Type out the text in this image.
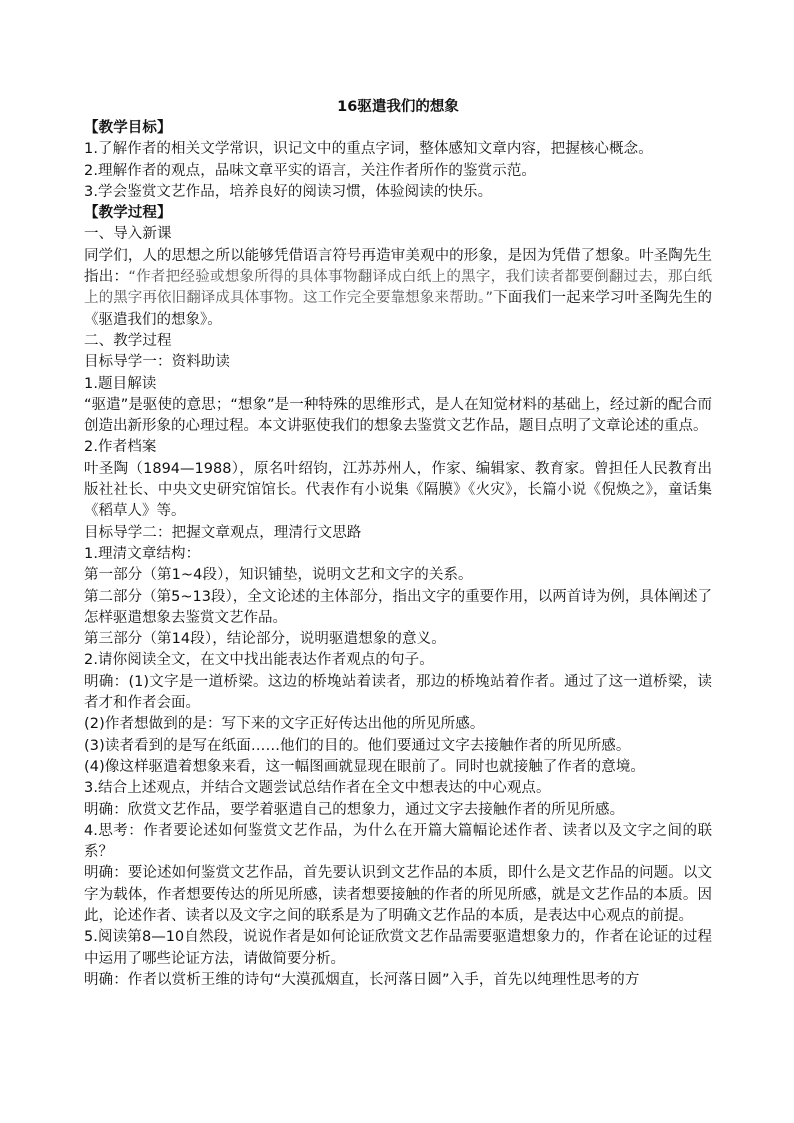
16驱遣我们的想象

【教学目标】

1.了解作者的相关文学常识，识记文中的重点字词，整体感知文章内容，把握核心概念。

2.理解作者的观点，品味文章平实的语言，关注作者所作的鉴赏示范。

3.学会鉴赏文艺作品，培养良好的阅读习惯，体验阅读的快乐。

【教学过程】

一、导入新课

同学们，人的思想之所以能够凭借语言符号再造审美观中的形象，是因为凭借了想象。叶圣陶先生指出：“作者把经验或想象所得的具体事物翻译成白纸上的黑字，我们读者都要倒翻过去，那白纸上的黑字再依旧翻译成具体事物。这工作完全要靠想象来帮助。”下面我们一起来学习叶圣陶先生的《驱遣我们的想象》。

二、教学过程

目标导学一：资料助读

1.题目解读

“驱遣”是驱使的意思；“想象”是一种特殊的思维形式，是人在知觉材料的基础上，经过新的配合而创造出新形象的心理过程。本文讲驱使我们的想象去鉴赏文艺作品，题目点明了文章论述的重点。

2.作者档案

叶圣陶（1894—1988），原名叶绍钧，江苏苏州人，作家、编辑家、教育家。曾担任人民教育出版社社长、中央文史研究馆馆长。代表作有小说集《隔膜》《火灾》，长篇小说《倪焕之》，童话集《稻草人》等。

目标导学二：把握文章观点，理清行文思路

1.理清文章结构：

第一部分（第1~4段），知识铺垫，说明文艺和文字的关系。

第二部分（第5~13段），全文论述的主体部分，指出文字的重要作用，以两首诗为例，具体阐述了怎样驱遣想象去鉴赏文艺作品。

第三部分（第14段），结论部分，说明驱遣想象的意义。

2.请你阅读全文，在文中找出能表达作者观点的句子。

明确：(1)文字是一道桥梁。这边的桥堍站着读者，那边的桥堍站着作者。通过了这一道桥梁，读者才和作者会面。

(2)作者想做到的是：写下来的文字正好传达出他的所见所感。

(3)读者看到的是写在纸面……他们的目的。他们要通过文字去接触作者的所见所感。

(4)像这样驱遣着想象来看，这一幅图画就显现在眼前了。同时也就接触了作者的意境。

3.结合上述观点，并结合文题尝试总结作者在全文中想表达的中心观点。

明确：欣赏文艺作品，要学着驱遣自己的想象力，通过文字去接触作者的所见所感。

4.思考：作者要论述如何鉴赏文艺作品，为什么在开篇大篇幅论述作者、读者以及文字之间的联系？

明确：要论述如何鉴赏文艺作品，首先要认识到文艺作品的本质，即什么是文艺作品的问题。以文字为载体，作者想要传达的所见所感，读者想要接触的作者的所见所感，就是文艺作品的本质。因此，论述作者、读者以及文字之间的联系是为了明确文艺作品的本质，是表达中心观点的前提。

5.阅读第8—10自然段，说说作者是如何论证欣赏文艺作品需要驱遣想象力的，作者在论证的过程中运用了哪些论证方法，请做简要分析。

明确：作者以赏析王维的诗句“大漠孤烟直，长河落日圆”入手，首先以纯理性思考的方
